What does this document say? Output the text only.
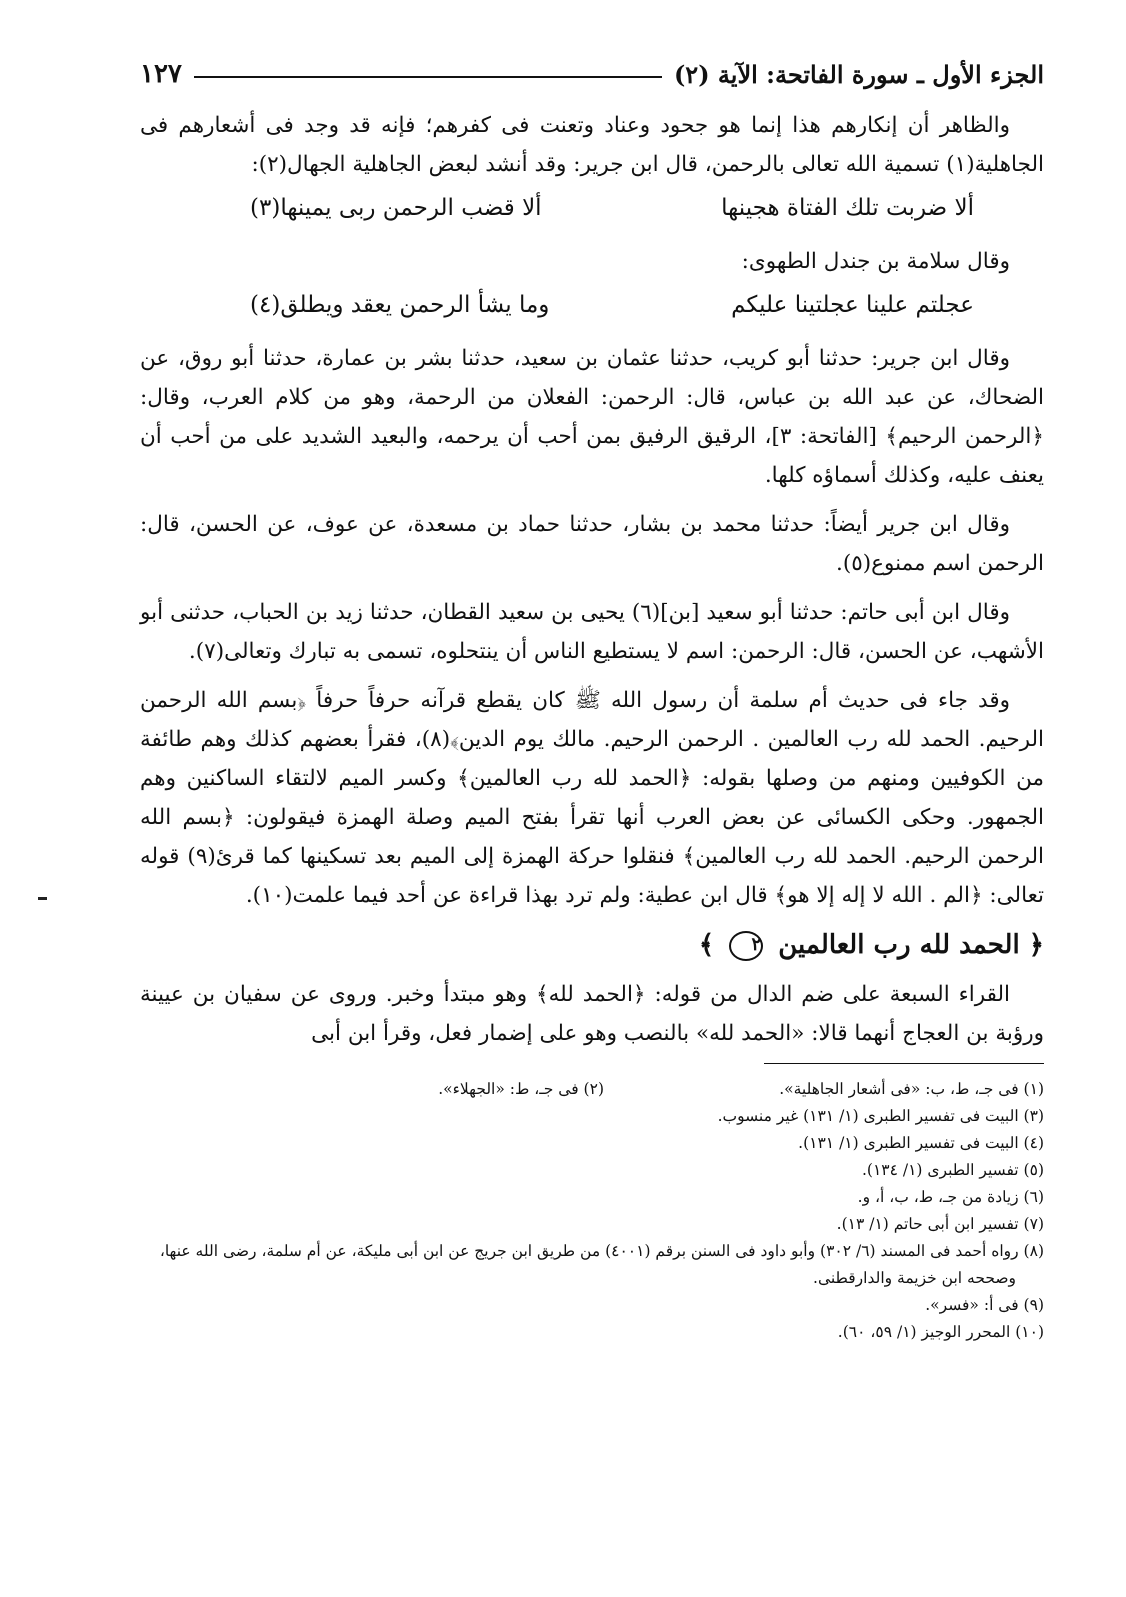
الجزء الأول ـ سورة الفاتحة: الآية (٢)
١٢٧

والظاهر أن إنكارهم هذا إنما هو جحود وعناد وتعنت فى كفرهم؛ فإنه قد وجد فى أشعارهم فى الجاهلية(١) تسمية الله تعالى بالرحمن، قال ابن جرير: وقد أنشد لبعض الجاهلية الجهال(٢):

ألا ضربت تلك الفتاة هجينها
ألا قضب الرحمن ربى يمينها(٣)

وقال سلامة بن جندل الطهوى:

عجلتم علينا عجلتينا عليكم
وما يشأ الرحمن يعقد ويطلق(٤)

وقال ابن جرير: حدثنا أبو كريب، حدثنا عثمان بن سعيد، حدثنا بشر بن عمارة، حدثنا أبو روق، عن الضحاك، عن عبد الله بن عباس، قال: الرحمن: الفعلان من الرحمة، وهو من كلام العرب، وقال: ﴿الرحمن الرحيم﴾ [الفاتحة: ٣]، الرقيق الرفيق بمن أحب أن يرحمه، والبعيد الشديد على من أحب أن يعنف عليه، وكذلك أسماؤه كلها.

وقال ابن جرير أيضاً: حدثنا محمد بن بشار، حدثنا حماد بن مسعدة، عن عوف، عن الحسن، قال: الرحمن اسم ممنوع(٥).

وقال ابن أبى حاتم: حدثنا أبو سعيد [بن](٦) يحيى بن سعيد القطان، حدثنا زيد بن الحباب، حدثنى أبو الأشهب، عن الحسن، قال: الرحمن: اسم لا يستطيع الناس أن ينتحلوه، تسمى به تبارك وتعالى(٧).

وقد جاء فى حديث أم سلمة أن رسول الله ﷺ كان يقطع قرآنه حرفاً حرفاً ﴿بسم الله الرحمن الرحيم. الحمد لله رب العالمين . الرحمن الرحيم. مالك يوم الدين﴾(٨)، فقرأ بعضهم كذلك وهم طائفة من الكوفيين ومنهم من وصلها بقوله: ﴿الحمد لله رب العالمين﴾ وكسر الميم لالتقاء الساكنين وهم الجمهور. وحكى الكسائى عن بعض العرب أنها تقرأ بفتح الميم وصلة الهمزة فيقولون: ﴿بسم الله الرحمن الرحيم. الحمد لله رب العالمين﴾ فنقلوا حركة الهمزة إلى الميم بعد تسكينها كما قرئ(٩) قوله تعالى: ﴿الم . الله لا إله إلا هو﴾ قال ابن عطية: ولم ترد بهذا قراءة عن أحد فيما علمت(١٠).

﴿ الحمد لله رب العالمين ٢ ﴾

القراء السبعة على ضم الدال من قوله: ﴿الحمد لله﴾ وهو مبتدأ وخبر. وروى عن سفيان بن عيينة ورؤبة بن العجاج أنهما قالا: «الحمد لله» بالنصب وهو على إضمار فعل، وقرأ ابن أبى

(١) فى جـ، ط، ب: «فى أشعار الجاهلية».
(٢) فى جـ، ط: «الجهلاء».
(٣) البيت فى تفسير الطبرى (١/ ١٣١) غير منسوب.
(٤) البيت فى تفسير الطبرى (١/ ١٣١).
(٥) تفسير الطبرى (١/ ١٣٤).
(٦) زيادة من جـ، ط، ب، أ، و.
(٧) تفسير ابن أبى حاتم (١/ ١٣).
(٨) رواه أحمد فى المسند (٦/ ٣٠٢) وأبو داود فى السنن برقم (٤٠٠١) من طريق ابن جريج عن ابن أبى مليكة، عن أم سلمة، رضى الله عنها، وصححه ابن خزيمة والدارقطنى.
(٩) فى أ: «فسر».
(١٠) المحرر الوجيز (١/ ٥٩، ٦٠).
